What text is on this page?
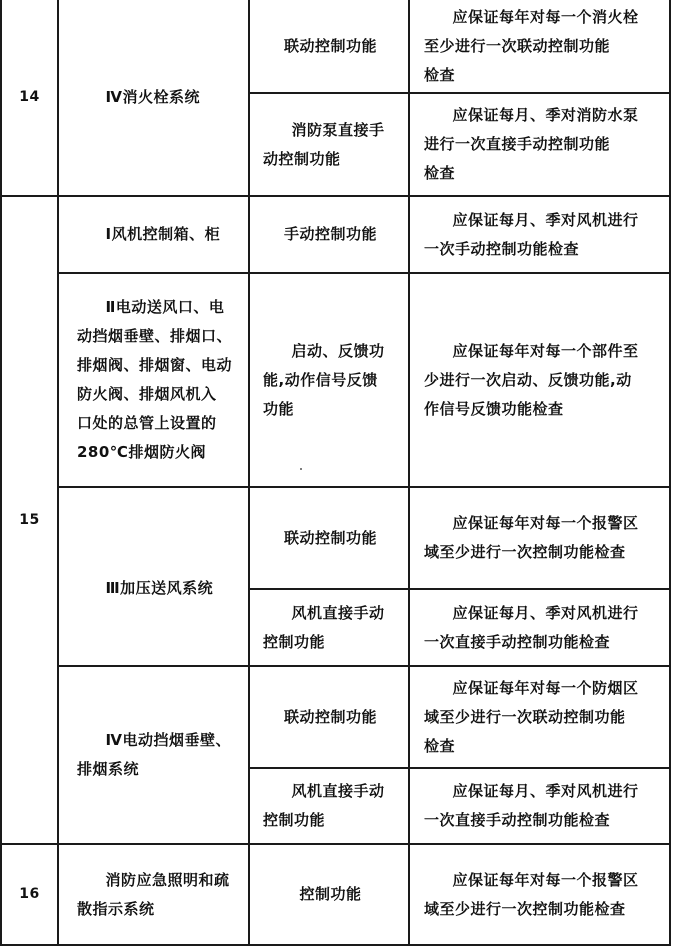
14	Ⅳ消火栓系统
联动控制功能
应保证每年对每一个消火栓
至少进行一次联动控制功能
检查
消防泵直接手
动控制功能
应保证每月、季对消防水泵
进行一次直接手动控制功能
检查
15
Ⅰ风机控制箱、柜	手动控制功能
应保证每月、季对风机进行
一次手动控制功能检查
Ⅱ电动送风口、电
动挡烟垂壁、排烟口、
排烟阀、排烟窗、电动
防火阀、排烟风机入
口处的总管上设置的
280℃排烟防火阀
启动、反馈功
能,动作信号反馈
功能
应保证每年对每一个部件至
少进行一次启动、反馈功能,动
作信号反馈功能检查
Ⅲ加压送风系统
联动控制功能
应保证每年对每一个报警区
域至少进行一次控制功能检查
风机直接手动
控制功能
应保证每月、季对风机进行
一次直接手动控制功能检查
Ⅳ电动挡烟垂壁、
排烟系统
联动控制功能
应保证每年对每一个防烟区
域至少进行一次联动控制功能
检查
风机直接手动
控制功能
应保证每月、季对风机进行
一次直接手动控制功能检查
16
消防应急照明和疏
散指示系统
控制功能
应保证每年对每一个报警区
域至少进行一次控制功能检查
